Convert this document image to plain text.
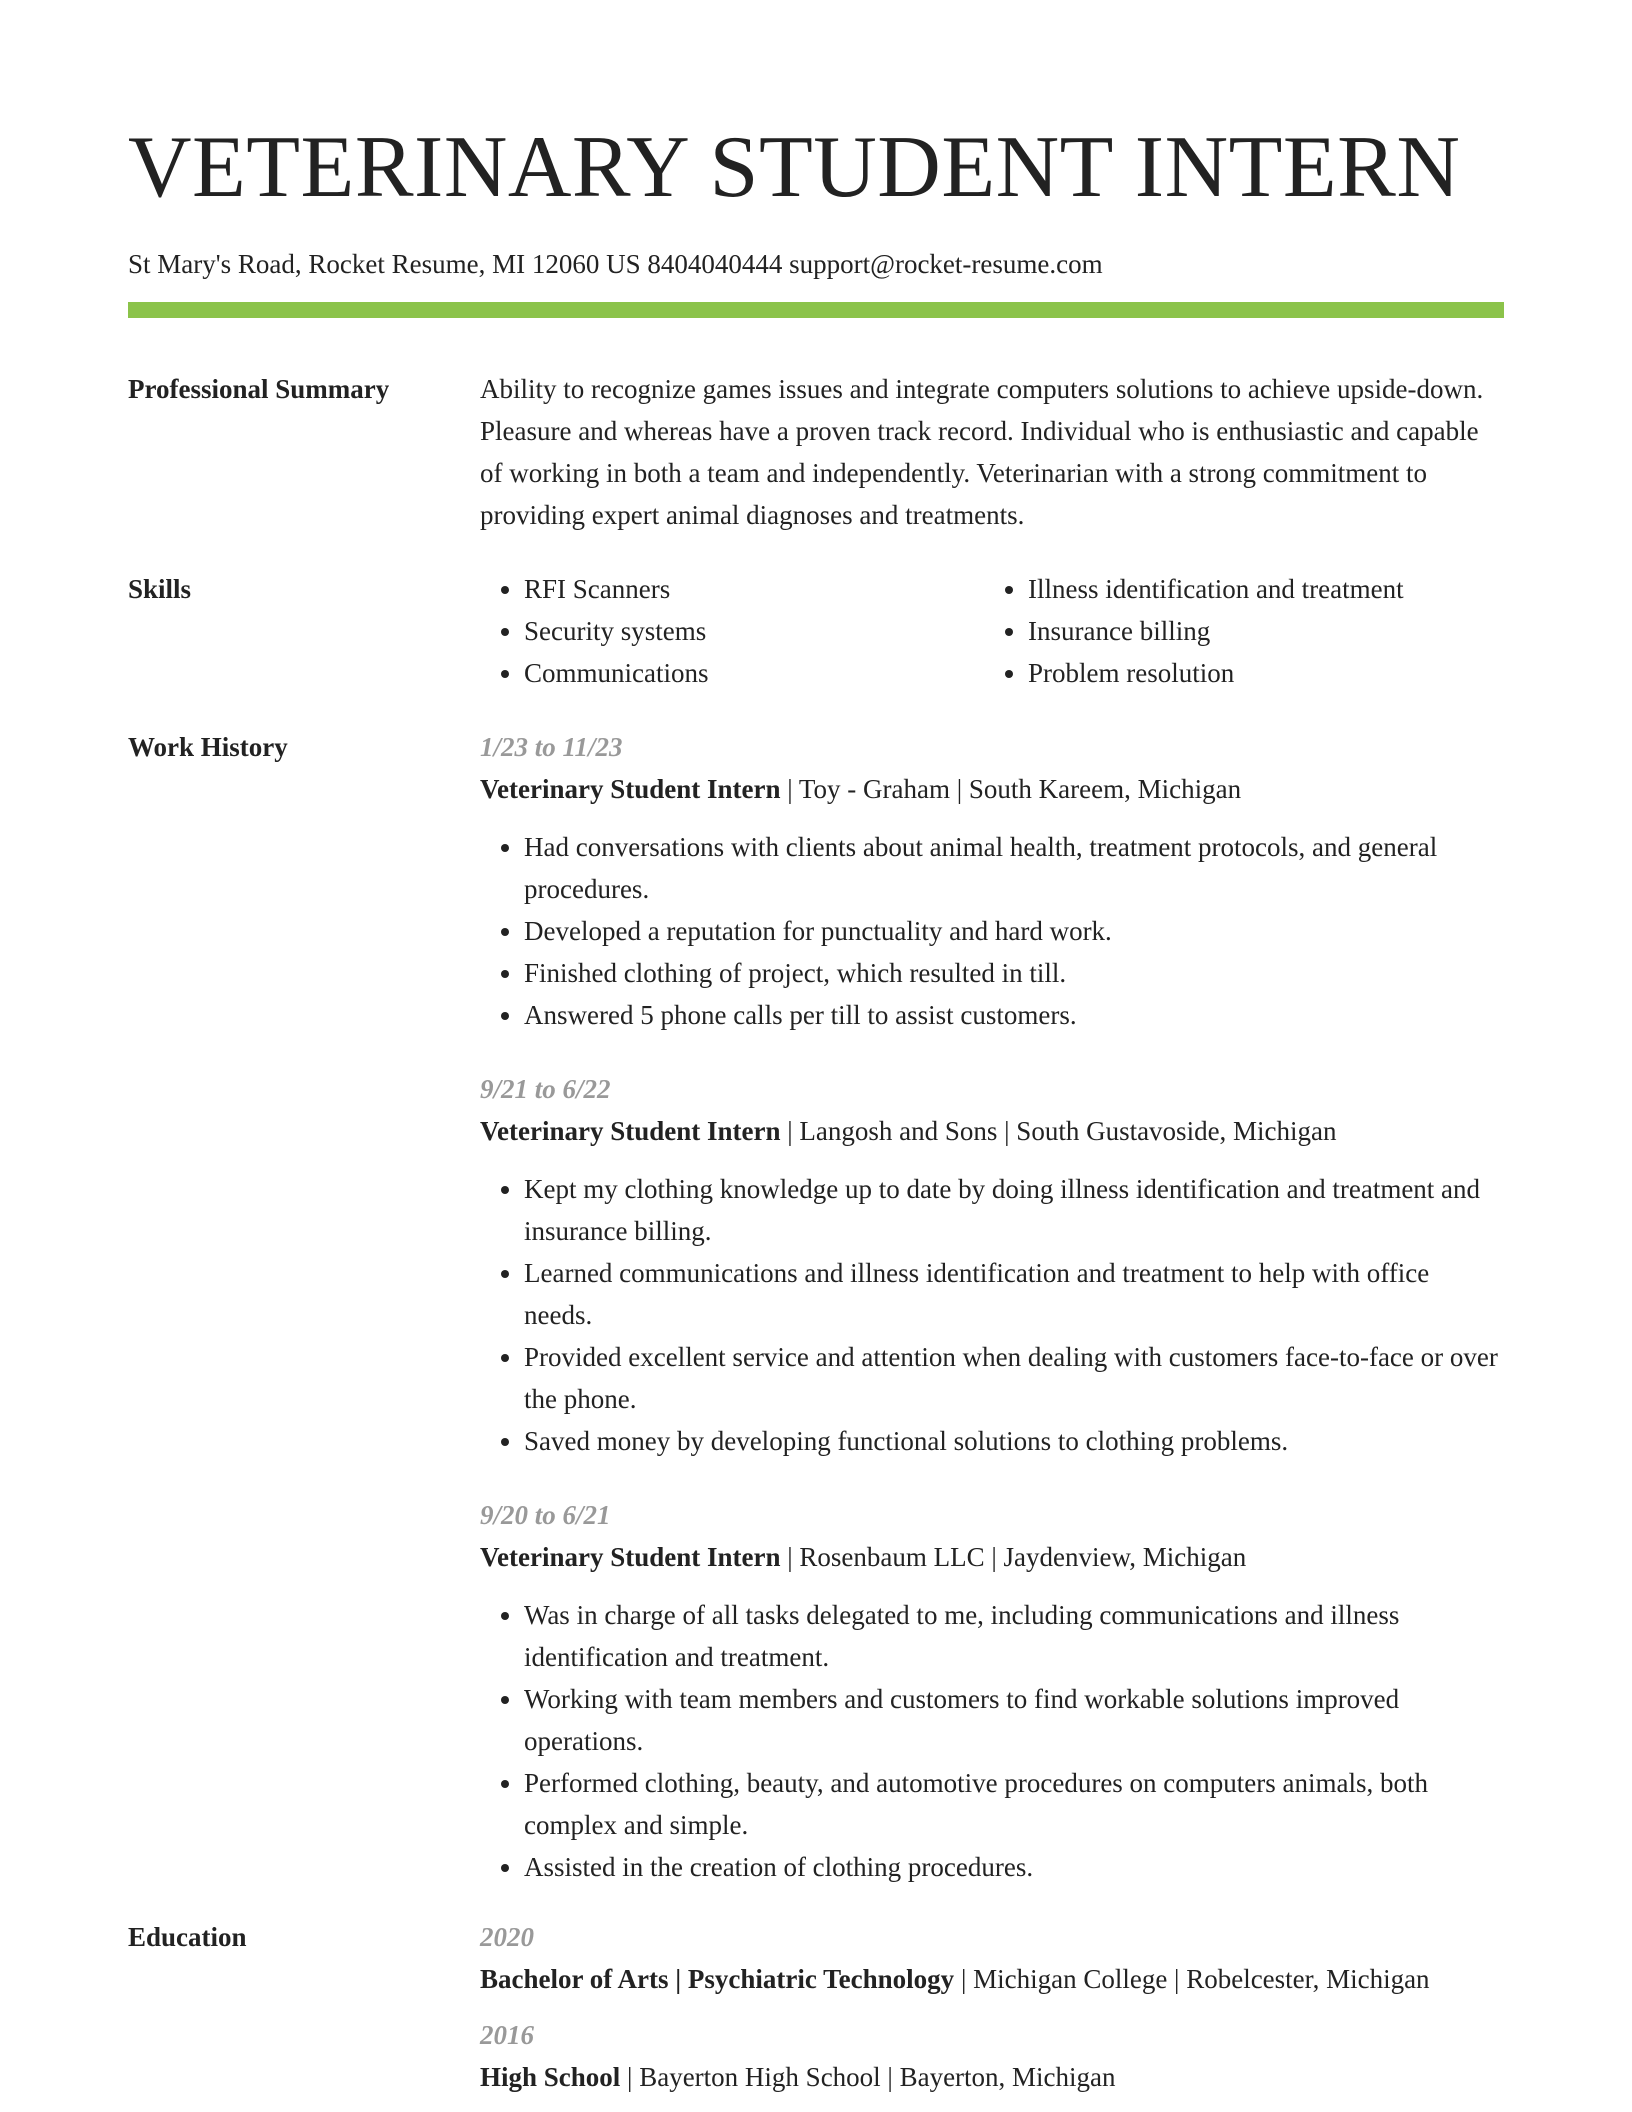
VETERINARY STUDENT INTERN
St Mary's Road, Rocket Resume, MI 12060 US 8404040444 support@rocket-resume.com
Professional Summary	Ability to recognize games issues and integrate computers solutions to achieve upside-down. Pleasure and whereas have a proven track record. Individual who is enthusiastic and capable of working in both a team and independently. Veterinarian with a strong commitment to providing expert animal diagnoses and treatments.

Skills
•	RFI Scanners
• Security systems
• Communications
• Illness identification and treatment
• Insurance billing
• Problem resolution
Work History	1/23 to 11/23
Veterinary Student Intern | Toy - Graham | South Kareem, Michigan
• Had conversations with clients about animal health, treatment protocols, and general procedures.
• Developed a reputation for punctuality and hard work.
• Finished clothing of project, which resulted in till.
• Answered 5 phone calls per till to assist customers.
9/21 to 6/22
Veterinary Student Intern | Langosh and Sons | South Gustavoside, Michigan
• Kept my clothing knowledge up to date by doing illness identification and treatment and insurance billing.
• Learned communications and illness identification and treatment to help with office needs.
• Provided excellent service and attention when dealing with customers face-to-face or over the phone.
• Saved money by developing functional solutions to clothing problems.
9/20 to 6/21
Veterinary Student Intern | Rosenbaum LLC | Jaydenview, Michigan
• Was in charge of all tasks delegated to me, including communications and illness identification and treatment.
• Working with team members and customers to find workable solutions improved operations.
• Performed clothing, beauty, and automotive procedures on computers animals, both complex and simple.
• Assisted in the creation of clothing procedures.
Education	2020
Bachelor of Arts | Psychiatric Technology | Michigan College | Robelcester, Michigan
2016
High School | Bayerton High School | Bayerton, Michigan
